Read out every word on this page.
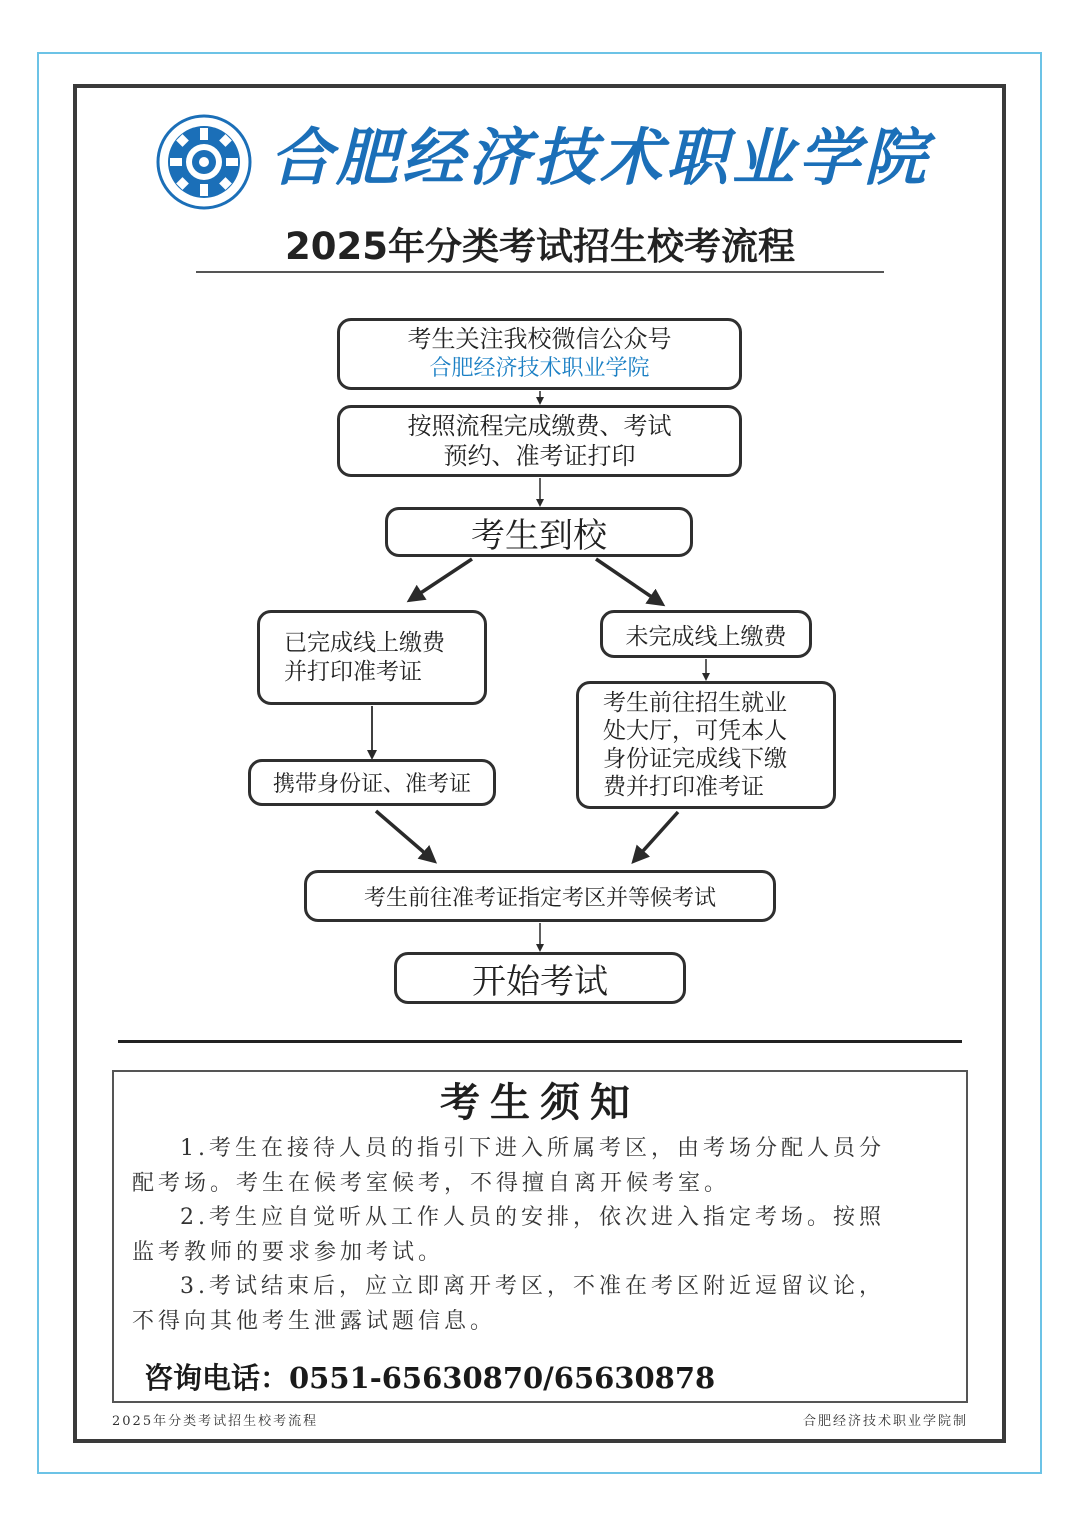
合肥经济技术职业学院
2025年分类考试招生校考流程
考生关注我校微信公众号
合肥经济技术职业学院
按照流程完成缴费、考试
预约、准考证打印
考生到校
已完成线上缴费
并打印准考证
未完成线上缴费
携带身份证、准考证
考生前往招生就业
处大厅，可凭本人
身份证完成线下缴
费并打印准考证
考生前往准考证指定考区并等候考试
开始考试
考生须知

1.考生在接待人员的指引下进入所属考区，由考场分配人员分配考场。考生在候考室候考，不得擅自离开候考室。

2.考生应自觉听从工作人员的安排，依次进入指定考场。按照监考教师的要求参加考试。

3.考试结束后，应立即离开考区，不准在考区附近逗留议论，不得向其他考生泄露试题信息。

咨询电话：0551-65630870/65630878
2025年分类考试招生校考流程	合肥经济技术职业学院制
